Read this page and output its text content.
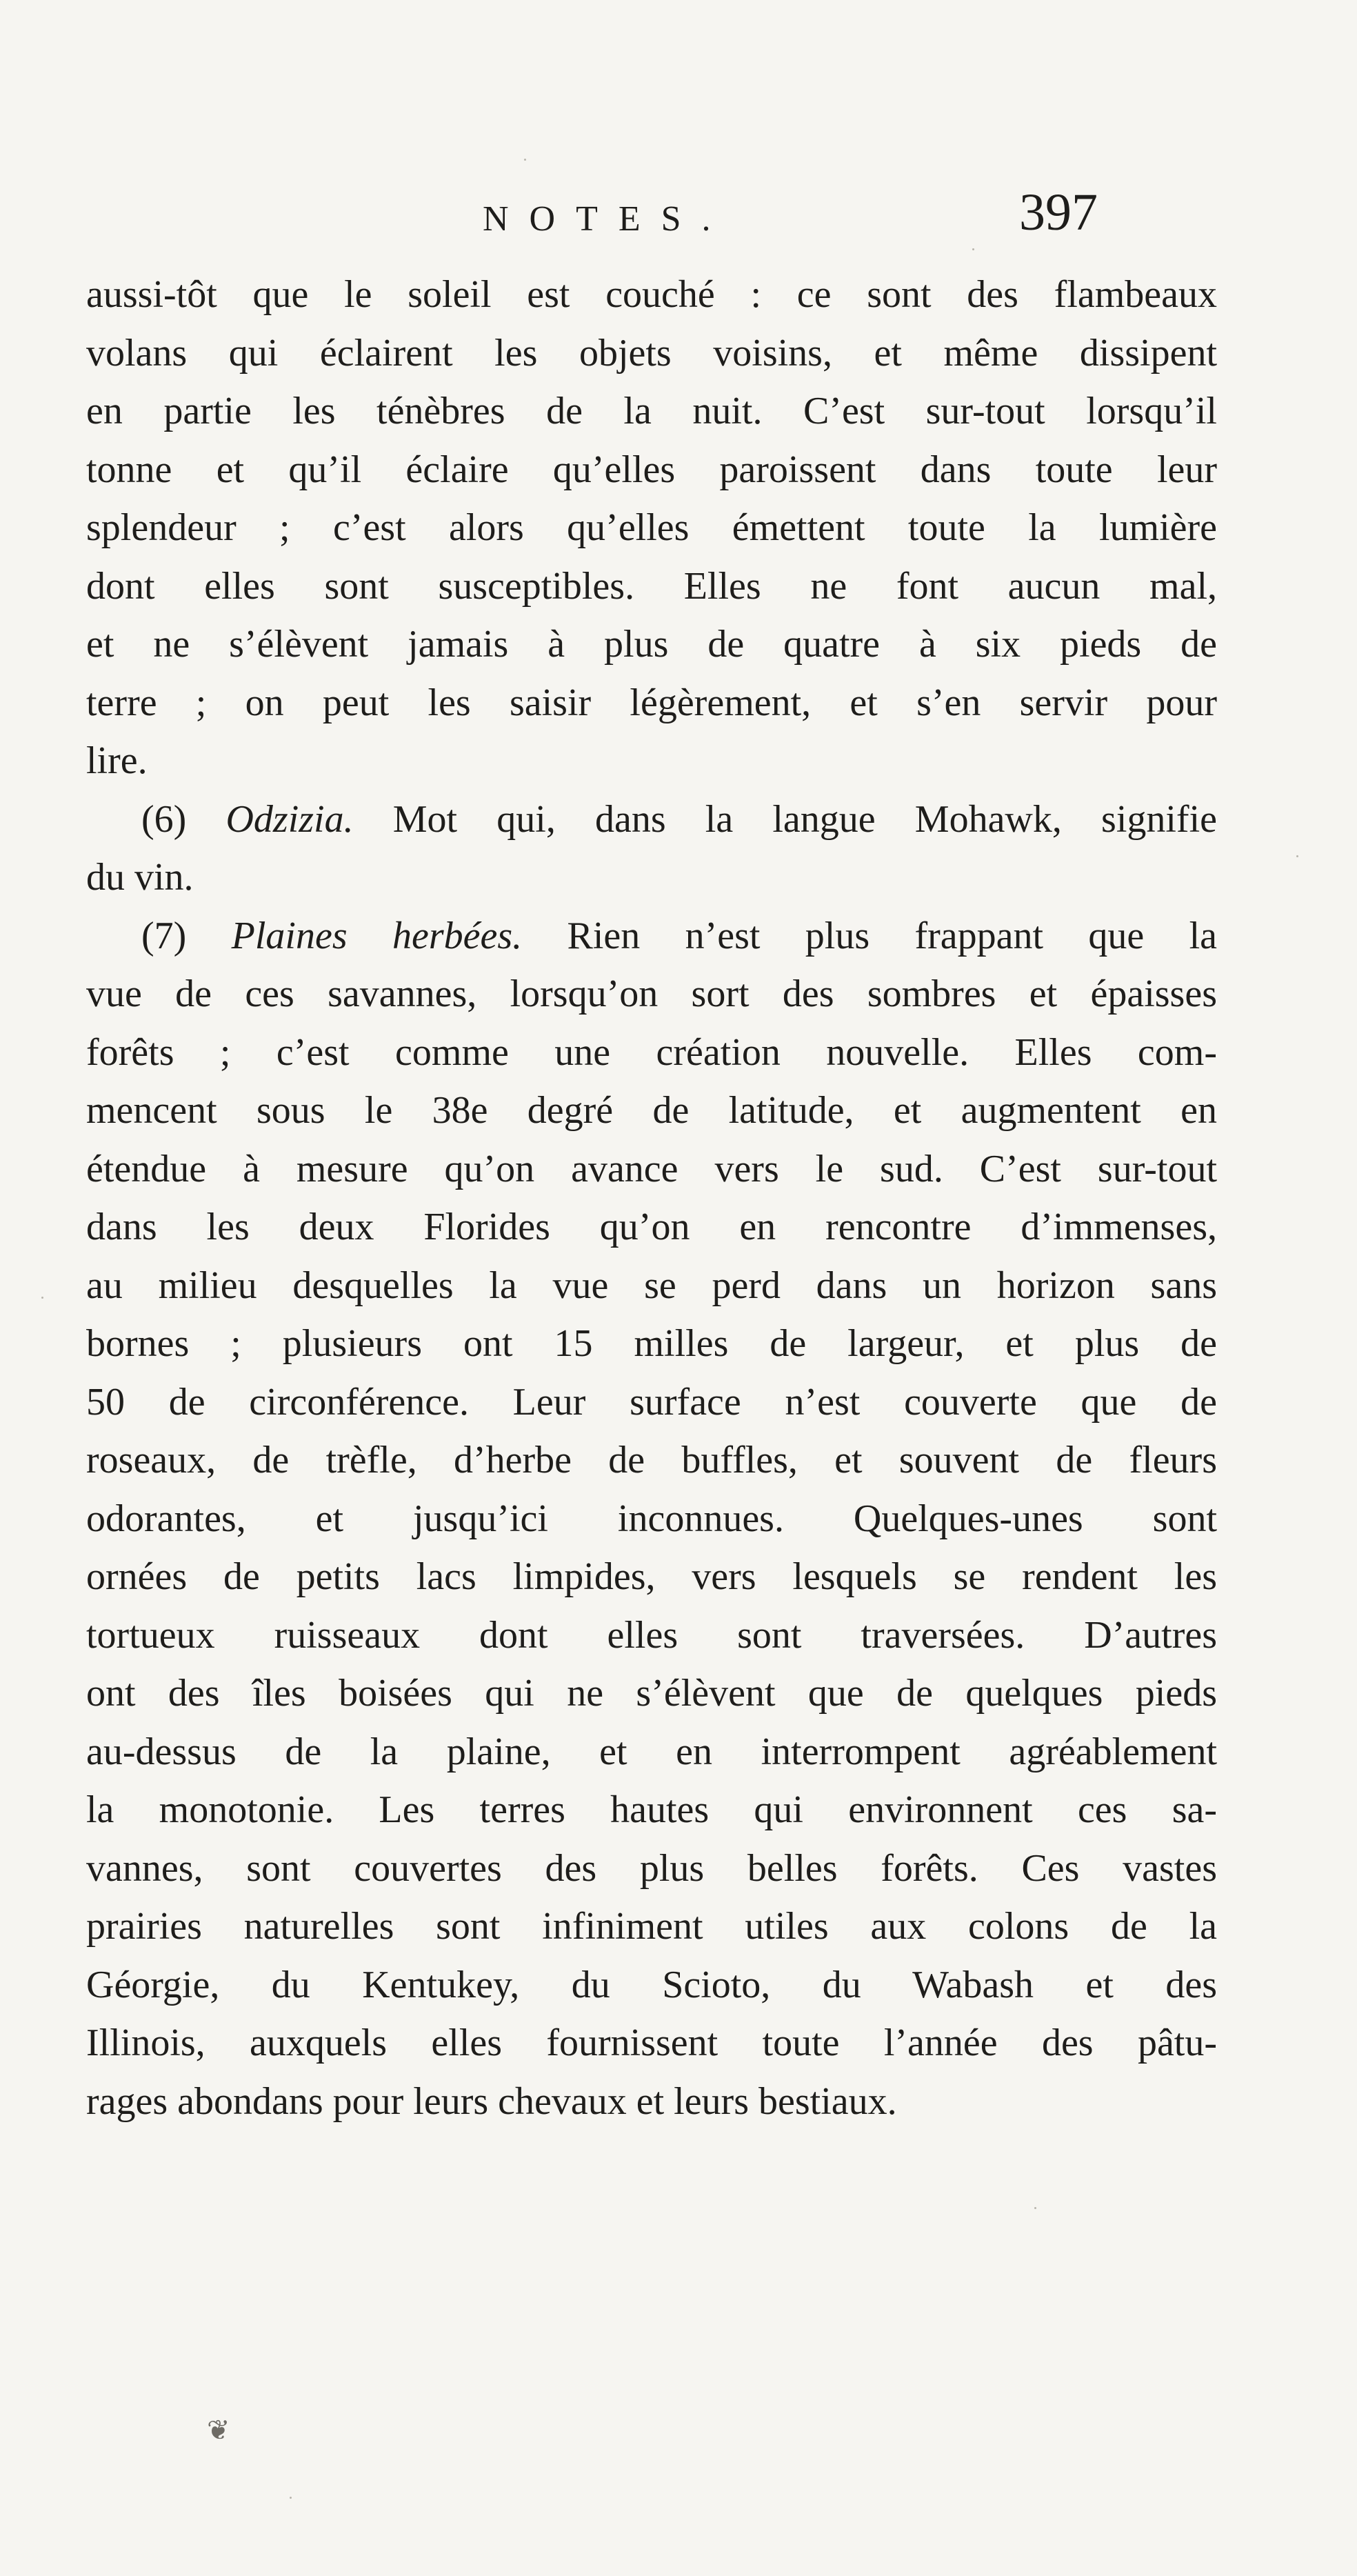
NOTES.	397
aussi-tôt que le soleil est couché : ce sont des flambeaux
volans qui éclairent les objets voisins, et même dissipent
en partie les ténèbres de la nuit. C’est sur-tout lorsqu’il
tonne et qu’il éclaire qu’elles paroissent dans toute leur
splendeur ; c’est alors qu’elles émettent toute la lumière
dont elles sont susceptibles. Elles ne font aucun mal,
et ne s’élèvent jamais à plus de quatre à six pieds de
terre ; on peut les saisir légèrement, et s’en servir pour
lire.
(6) Odzizia. Mot qui, dans la langue Mohawk, signifie
du vin.
(7) Plaines herbées. Rien n’est plus frappant que la
vue de ces savannes, lorsqu’on sort des sombres et épaisses
forêts ; c’est comme une création nouvelle. Elles com-
mencent sous le 38e degré de latitude, et augmentent en
étendue à mesure qu’on avance vers le sud. C’est sur-tout
dans les deux Florides qu’on en rencontre d’immenses,
au milieu desquelles la vue se perd dans un horizon sans
bornes ; plusieurs ont 15 milles de largeur, et plus de
50 de circonférence. Leur surface n’est couverte que de
roseaux, de trèfle, d’herbe de buffles, et souvent de fleurs
odorantes, et jusqu’ici inconnues. Quelques-unes sont
ornées de petits lacs limpides, vers lesquels se rendent les
tortueux ruisseaux dont elles sont traversées. D’autres
ont des îles boisées qui ne s’élèvent que de quelques pieds
au-dessus de la plaine, et en interrompent agréablement
la monotonie. Les terres hautes qui environnent ces sa-
vannes, sont couvertes des plus belles forêts. Ces vastes
prairies naturelles sont infiniment utiles aux colons de la
Géorgie, du Kentukey, du Scioto, du Wabash et des
Illinois, auxquels elles fournissent toute l’année des pâtu-
rages abondans pour leurs chevaux et leurs bestiaux.
❦
